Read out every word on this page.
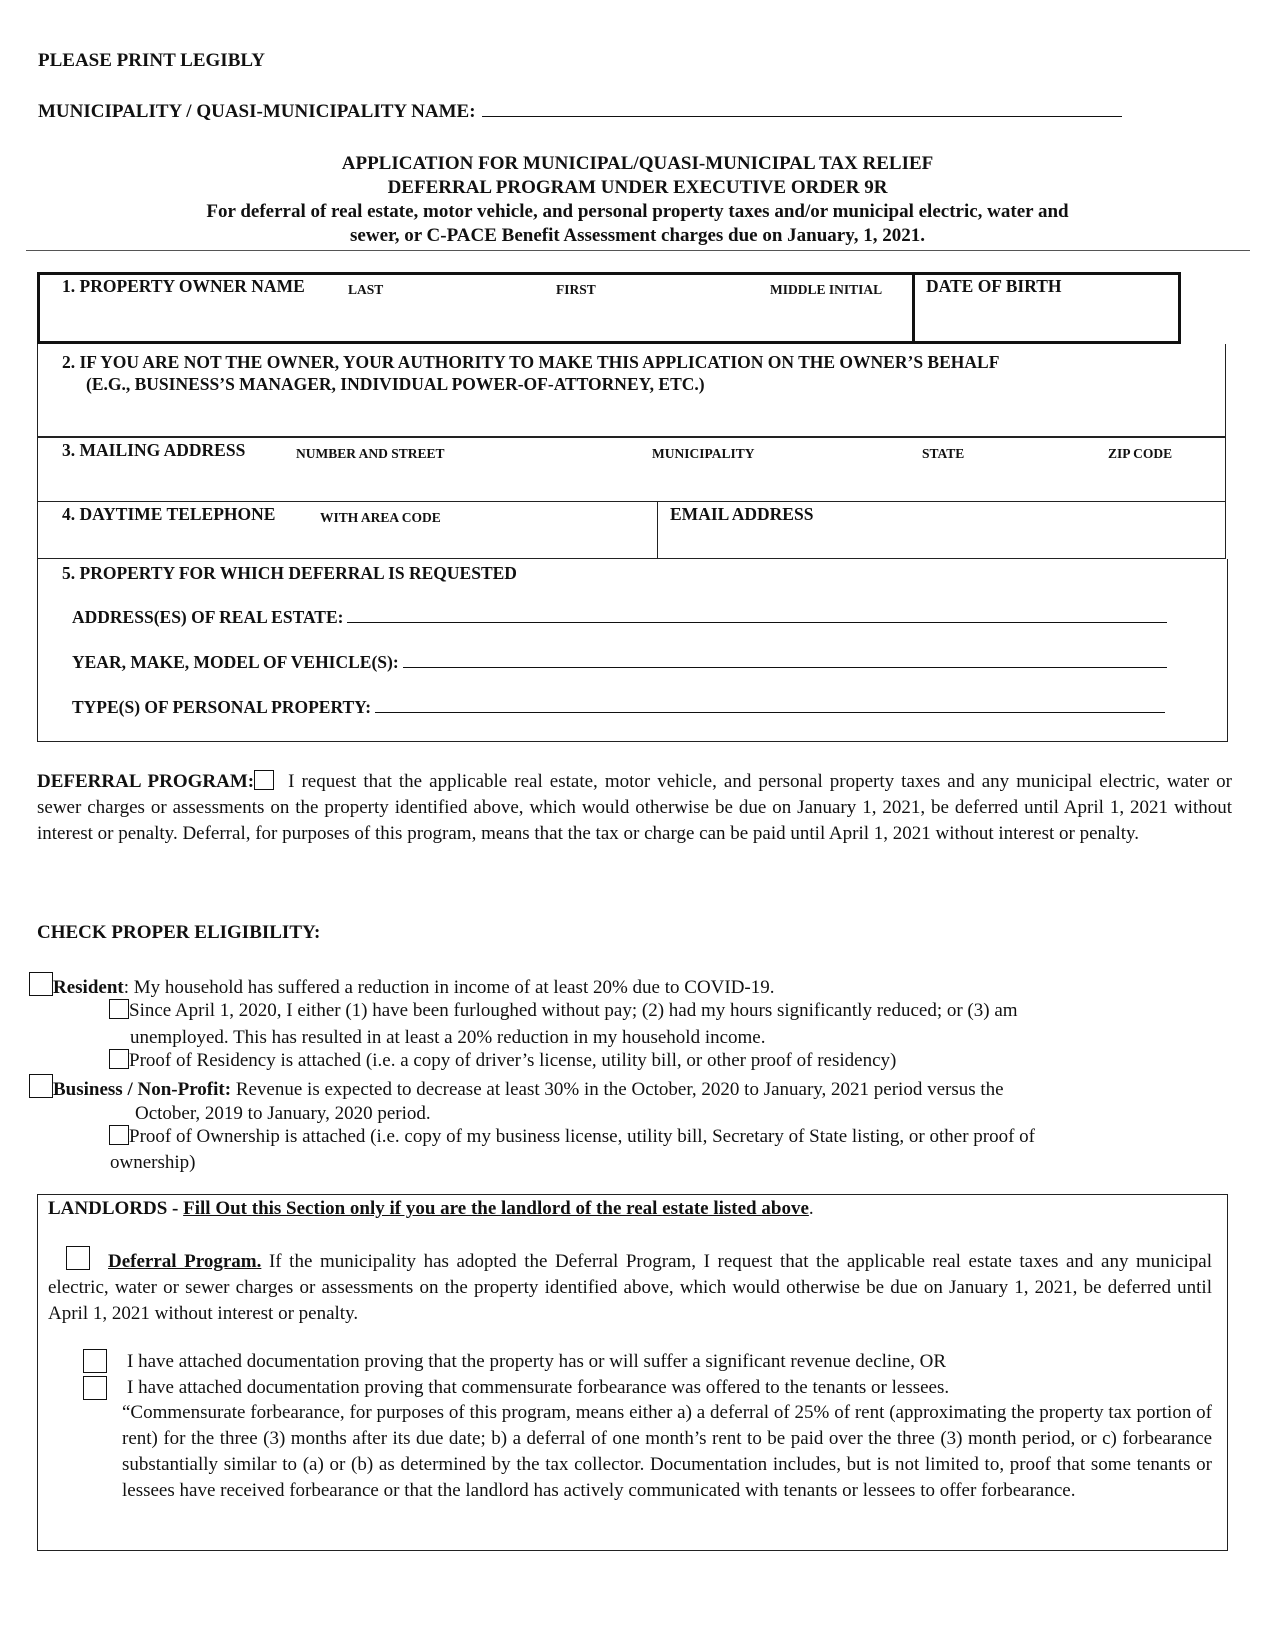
PLEASE PRINT LEGIBLY
MUNICIPALITY / QUASI-MUNICIPALITY NAME:
APPLICATION FOR MUNICIPAL/QUASI-MUNICIPAL TAX RELIEF
DEFERRAL PROGRAM UNDER EXECUTIVE ORDER 9R
For deferral of real estate, motor vehicle, and personal property taxes and/or municipal electric, water and
sewer, or C-PACE Benefit Assessment charges due on January, 1, 2021.
1. PROPERTY OWNER NAME	LAST	FIRST	MIDDLE INITIAL	DATE OF BIRTH
2. IF YOU ARE NOT THE OWNER, YOUR AUTHORITY TO MAKE THIS APPLICATION ON THE OWNER’S BEHALF
(E.G., BUSINESS’S MANAGER, INDIVIDUAL POWER-OF-ATTORNEY, ETC.)
3. MAILING ADDRESS	NUMBER AND STREET	MUNICIPALITY	STATE	ZIP CODE
4. DAYTIME TELEPHONE	WITH AREA CODE	EMAIL ADDRESS
5. PROPERTY FOR WHICH DEFERRAL IS REQUESTED
ADDRESS(ES) OF REAL ESTATE:
YEAR, MAKE, MODEL OF VEHICLE(S):
TYPE(S) OF PERSONAL PROPERTY:
DEFERRAL PROGRAM: I request that the applicable real estate, motor vehicle, and personal property taxes and any municipal electric, water or sewer charges or assessments on the property identified above, which would otherwise be due on January 1, 2021, be deferred until April 1, 2021 without interest or penalty. Deferral, for purposes of this program, means that the tax or charge can be paid until April 1, 2021 without interest or penalty.
CHECK PROPER ELIGIBILITY:
Resident: My household has suffered a reduction in income of at least 20% due to COVID-19.
Since April 1, 2020, I either (1) have been furloughed without pay; (2) had my hours significantly reduced; or (3) am
unemployed. This has resulted in at least a 20% reduction in my household income.
Proof of Residency is attached (i.e. a copy of driver’s license, utility bill, or other proof of residency)
Business / Non-Profit: Revenue is expected to decrease at least 30% in the October, 2020 to January, 2021 period versus the
October, 2019 to January, 2020 period.
Proof of Ownership is attached (i.e. copy of my business license, utility bill, Secretary of State listing, or other proof of
ownership)
LANDLORDS - Fill Out this Section only if you are the landlord of the real estate listed above.
Deferral Program. If the municipality has adopted the Deferral Program, I request that the applicable real estate taxes and any municipal electric, water or sewer charges or assessments on the property identified above, which would otherwise be due on January 1, 2021, be deferred until April 1, 2021 without interest or penalty.
I have attached documentation proving that the property has or will suffer a significant revenue decline, OR
I have attached documentation proving that commensurate forbearance was offered to the tenants or lessees.
“Commensurate forbearance, for purposes of this program, means either a) a deferral of 25% of rent (approximating the property tax portion of rent) for the three (3) months after its due date; b) a deferral of one month’s rent to be paid over the three (3) month period, or c) forbearance substantially similar to (a) or (b) as determined by the tax collector. Documentation includes, but is not limited to, proof that some tenants or lessees have received forbearance or that the landlord has actively communicated with tenants or lessees to offer forbearance.
